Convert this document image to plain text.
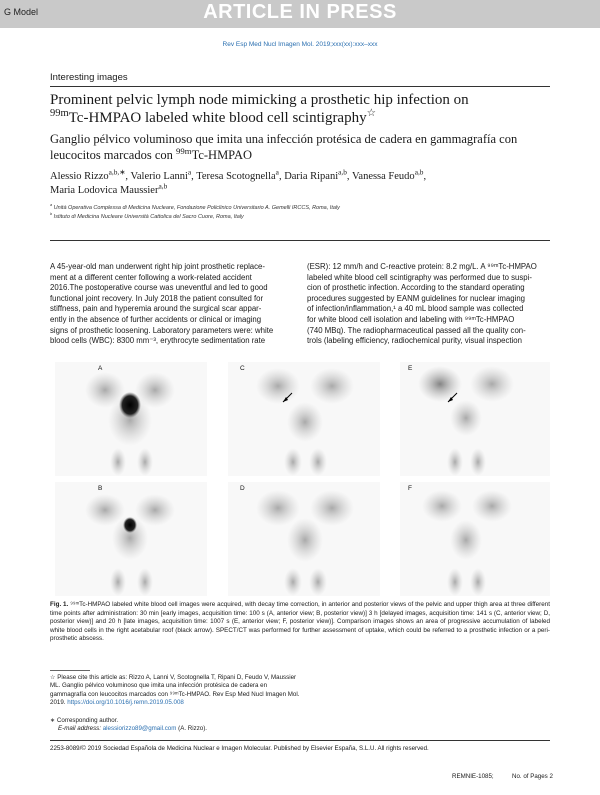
G Model	ARTICLE IN PRESS
Rev Esp Med Nucl Imagen Mol. 2019;xxx(xx):xxx–xxx
Interesting images
Prominent pelvic lymph node mimicking a prosthetic hip infection on
$^{99m}$Tc-HMPAO labeled white blood cell scintigraphy☆
Ganglio pélvico voluminoso que imita una infección protésica de cadera en gammagrafía con leucocitos marcados con $^{99m}$Tc-HMPAO
Alessio Rizzo$^{a,b,∗}$, Valerio Lanni$^a$, Teresa Scotognella$^a$, Daria Ripani$^{a,b}$, Vanessa Feudo$^{a,b}$,
Maria Lodovica Maussier$^{a,b}$
$^a$ Unità Operativa Complessa di Medicina Nucleare, Fondazione Policlinico Universitario A. Gemelli IRCCS, Roma, Italy
$^b$ Istituto di Medicina Nucleare Università Cattolica del Sacro Cuore, Roma, Italy
A 45-year-old man underwent right hip joint prosthetic replace-
ment at a different center following a work-related accident
2016.The postoperative course was uneventful and led to good
functional joint recovery. In July 2018 the patient consulted for
stiffness, pain and hyperemia around the surgical scar appar-
ently in the absence of further accidents or clinical or imaging
signs of prosthetic loosening. Laboratory parameters were: white
blood cells (WBC): 8300 mm⁻³, erythrocyte sedimentation rate
(ESR): 12 mm/h and C-reactive protein: 8.2 mg/L. A ⁹⁹ᵐTc-HMPAO
labeled white blood cell scintigraphy was performed due to suspi-
cion of prosthetic infection. According to the standard operating
procedures suggested by EANM guidelines for nuclear imaging
of infection/inflammation,¹ a 40 mL blood sample was collected
for white blood cell isolation and labeling with ⁹⁹ᵐTc-HMPAO
(740 MBq). The radiopharmaceutical passed all the quality con-
trols (labeling efficiency, radiochemical purity, visual inspection
A	C	E
B	D	F
Fig. 1. ⁹⁹ᵐTc-HMPAO labeled white blood cell images were acquired, with decay time correction, in anterior and posterior views of the pelvic and upper thigh area at three different time points after administration: 30 min [early images, acquisition time: 100 s (A, anterior view; B, posterior view)] 3 h [delayed images, acquisition time: 141 s (C, anterior view; D, posterior view)] and 20 h [late images, acquisition time: 1007 s (E, anterior view; F, posterior view)]. Comparison images shows an area of progressive accumulation of labeled white blood cells in the right acetabular roof (black arrow). SPECT/CT was performed for further assessment of uptake, which could be referred to a prosthetic infection or a peri-prosthetic abscess.
☆ Please cite this article as: Rizzo A, Lanni V, Scotognella T, Ripani D, Feudo V, Maussier ML. Ganglio pélvico voluminoso que imita una infección protésica de cadera en gammagrafía con leucocitos marcados con ⁹⁹ᵐTc-HMPAO. Rev Esp Med Nucl Imagen Mol. 2019. https://doi.org/10.1016/j.remn.2019.05.008
∗ Corresponding author.
E-mail address: alessiorizzo89@gmail.com (A. Rizzo).
2253-8089/© 2019 Sociedad Española de Medicina Nuclear e Imagen Molecular. Published by Elsevier España, S.L.U. All rights reserved.
REMNIE-1085;	No. of Pages 2
